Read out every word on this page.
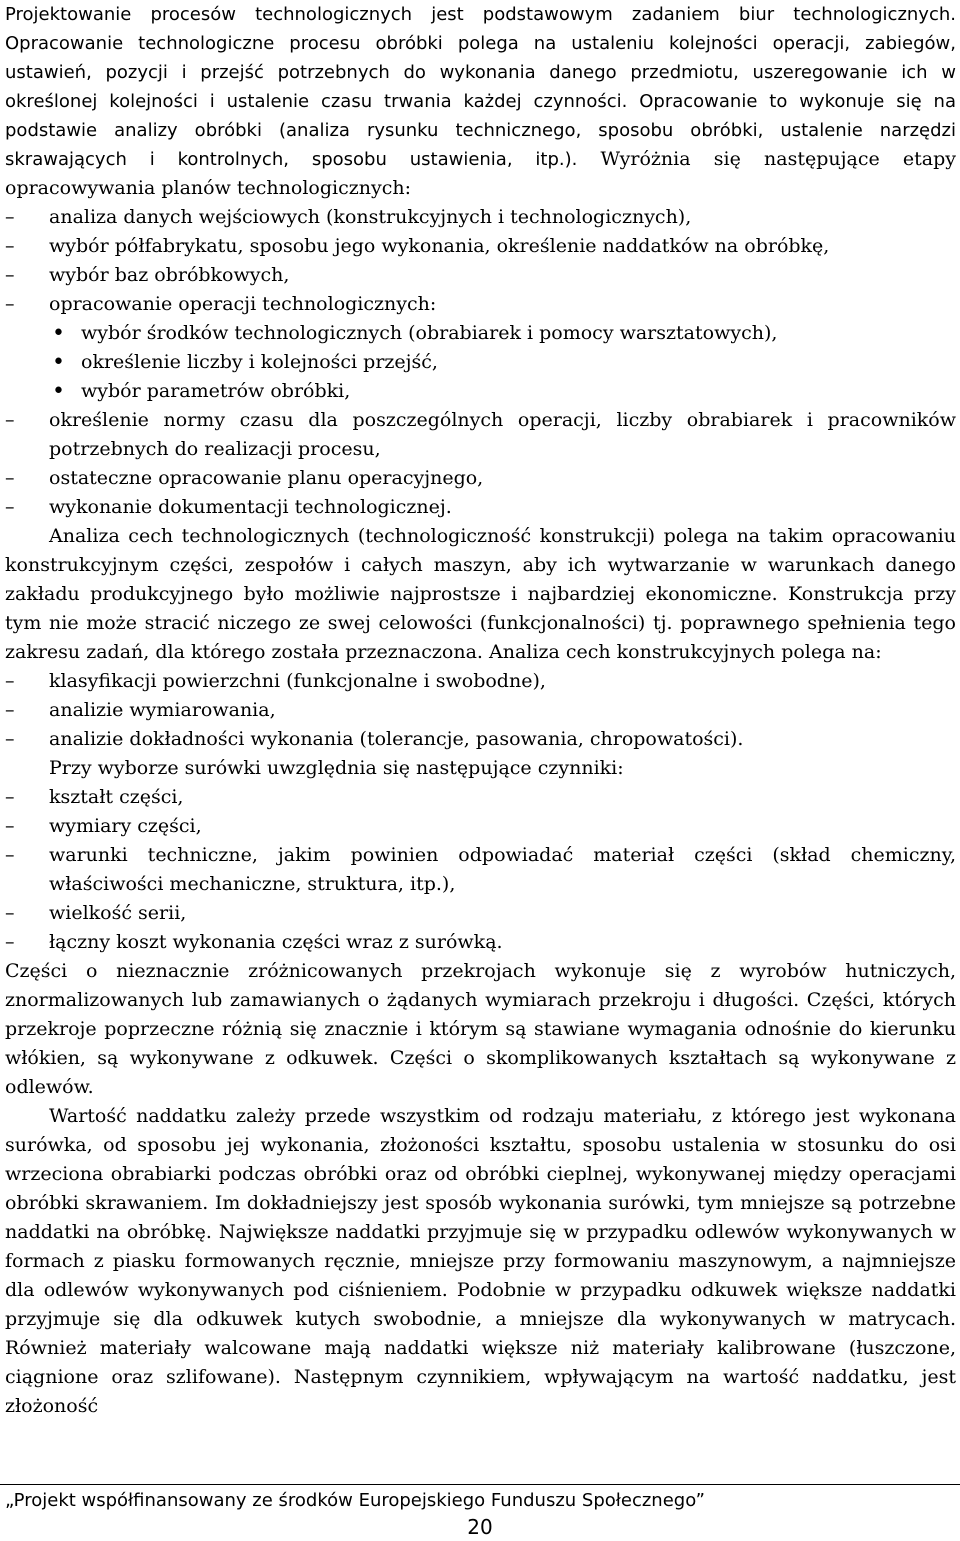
Projektowanie procesów technologicznych jest podstawowym zadaniem biur technologicznych. Opracowanie technologiczne procesu obróbki polega na ustaleniu kolejności operacji, zabiegów, ustawień, pozycji i przejść potrzebnych do wykonania danego przedmiotu, uszeregowanie ich w określonej kolejności i ustalenie czasu trwania każdej czynności. Opracowanie to wykonuje się na podstawie analizy obróbki (analiza rysunku technicznego, sposobu obróbki, ustalenie narzędzi skrawających i kontrolnych, sposobu ustawienia, itp.). Wyróżnia się następujące etapy opracowywania planów technologicznych:

– analiza danych wejściowych (konstrukcyjnych i technologicznych),
– wybór półfabrykatu, sposobu jego wykonania, określenie naddatków na obróbkę,
– wybór baz obróbkowych,
– opracowanie operacji technologicznych:
• wybór środków technologicznych (obrabiarek i pomocy warsztatowych),
• określenie liczby i kolejności przejść,
• wybór parametrów obróbki,
– określenie normy czasu dla poszczególnych operacji, liczby obrabiarek i pracowników potrzebnych do realizacji procesu,
– ostateczne opracowanie planu operacyjnego,
– wykonanie dokumentacji technologicznej.

Analiza cech technologicznych (technologiczność konstrukcji) polega na takim opracowaniu konstrukcyjnym części, zespołów i całych maszyn, aby ich wytwarzanie w warunkach danego zakładu produkcyjnego było możliwie najprostsze i najbardziej ekonomiczne. Konstrukcja przy tym nie może stracić niczego ze swej celowości (funkcjonalności) tj. poprawnego spełnienia tego zakresu zadań, dla którego została przeznaczona. Analiza cech konstrukcyjnych polega na:

– klasyfikacji powierzchni (funkcjonalne i swobodne),
– analizie wymiarowania,
– analizie dokładności wykonania (tolerancje, pasowania, chropowatości).

Przy wyborze surówki uwzględnia się następujące czynniki:

– kształt części,
– wymiary części,
– warunki techniczne, jakim powinien odpowiadać materiał części (skład chemiczny, właściwości mechaniczne, struktura, itp.),
– wielkość serii,
– łączny koszt wykonania części wraz z surówką.

Części o nieznacznie zróżnicowanych przekrojach wykonuje się z wyrobów hutniczych, znormalizowanych lub zamawianych o żądanych wymiarach przekroju i długości. Części, których przekroje poprzeczne różnią się znacznie i którym są stawiane wymagania odnośnie do kierunku włókien, są wykonywane z odkuwek. Części o skomplikowanych kształtach są wykonywane z odlewów.

Wartość naddatku zależy przede wszystkim od rodzaju materiału, z którego jest wykonana surówka, od sposobu jej wykonania, złożoności kształtu, sposobu ustalenia w stosunku do osi wrzeciona obrabiarki podczas obróbki oraz od obróbki cieplnej, wykonywanej między operacjami obróbki skrawaniem. Im dokładniejszy jest sposób wykonania surówki, tym mniejsze są potrzebne naddatki na obróbkę. Największe naddatki przyjmuje się w przypadku odlewów wykonywanych w formach z piasku formowanych ręcznie, mniejsze przy formowaniu maszynowym, a najmniejsze dla odlewów wykonywanych pod ciśnieniem. Podobnie w przypadku odkuwek większe naddatki przyjmuje się dla odkuwek kutych swobodnie, a mniejsze dla wykonywanych w matrycach. Również materiały walcowane mają naddatki większe niż materiały kalibrowane (łuszczone, ciągnione oraz szlifowane). Następnym czynnikiem, wpływającym na wartość naddatku, jest złożoność

„Projekt współfinansowany ze środków Europejskiego Funduszu Społecznego”
20
